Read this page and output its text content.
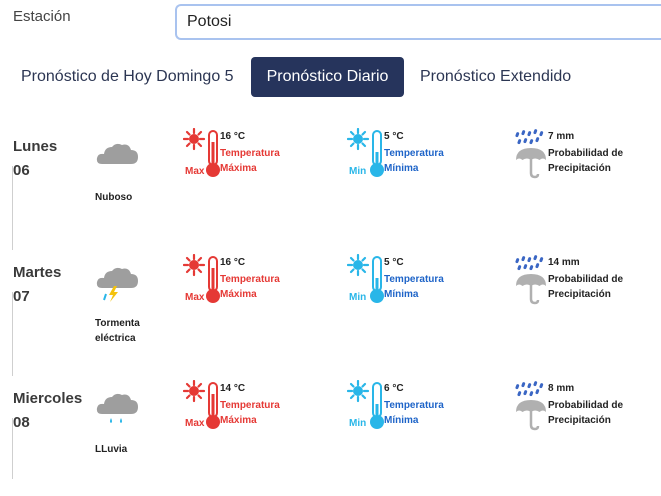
Estación
Potosi
Pronóstico de Hoy Domingo 5	Pronóstico Diario	Pronóstico Extendido
Lunes
06
Nuboso
Max
16 °C
Temperatura Máxima	Min
5 °C
Temperatura Mínima
7 mm
Probabilidad de Precipitación
Martes
07
Tormenta eléctrica
Max
16 °C
Temperatura Máxima	Min
5 °C
Temperatura Mínima
14 mm
Probabilidad de Precipitación
Miercoles
08
LLuvia
Max
14 °C
Temperatura Máxima	Min
6 °C
Temperatura Mínima
8 mm
Probabilidad de Precipitación
